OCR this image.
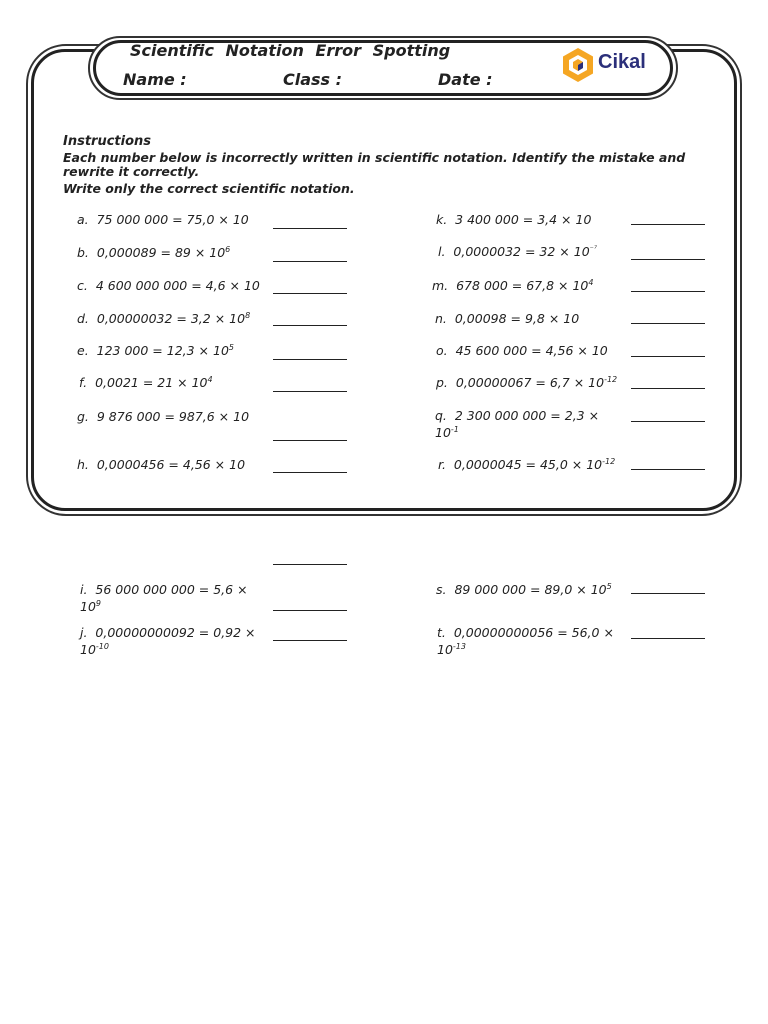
Scientific Notation Error Spotting
Name :	Class :	Date :
Cikal
Instructions
Each number below is incorrectly written in scientific notation. Identify the mistake and rewrite it correctly.
Write only the correct scientific notation.
a. 75 000 000 = 75,0 × 10
b. $0,000089 = 89 \times 10^6$
c. 4 600 000 000 = 4,6 × 10
d. $0,00000032 = 3,2 \times 10^8$
e. 123 $000 = 12,3 \times 10^5$
f. $0,0021 = 21 \times 10^4$
g. 9 876 000 = 987,6 × 10
h. 0,0000456 = 4,56 × 10
k. 3 400 000 = 3,4 × 10
l. $0,0000032 = 32 \times 10^{^{-7}}$
m. 678 $000 = 67,8 \times 10^4$
n. 0,00098 = 9,8 × 10
o. 45 600 000 = 4,56 × 10
p. $0,00000067 = 6,7 \times 10^{-12}$
q. 2 300 000 000 = 2,3 ×
$10^{-1}$
r. $0,0000045 = 45,0 \times 10^{-12}$
i. 56 000 000 000 = 5,6 ×
$10^9$
j. 0,00000000092 = 0,92 ×
$10^{-10}$
s. 89 000 $000 = 89,0 \times 10^5$
t. 0,00000000056 = 56,0 ×
$10^{-13}$
